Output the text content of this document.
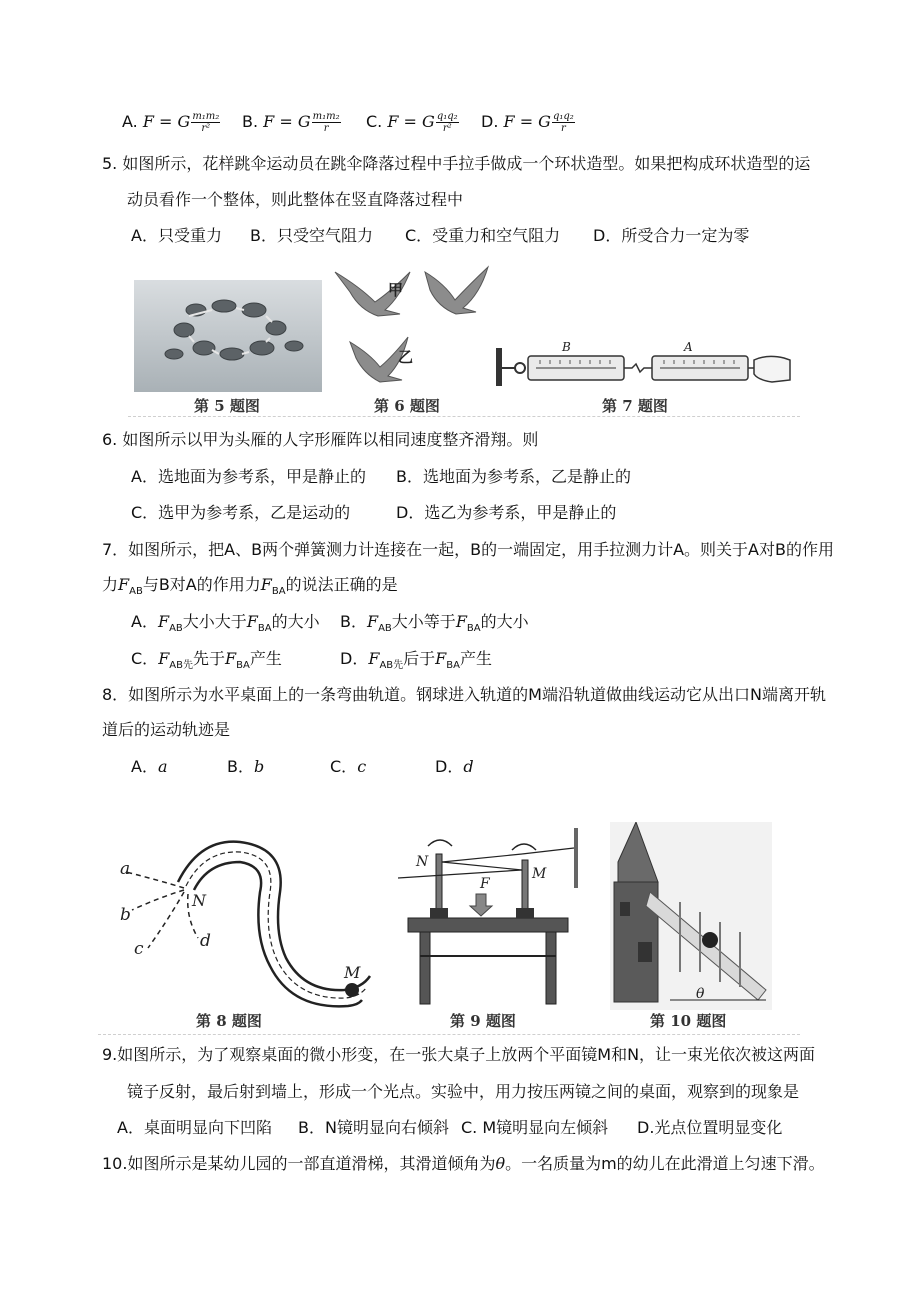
A. F = G $\frac{\text{m₁m₂}}{\text{r²}} B$. F = G $\frac{\text{m₁m₂}}{r} C$. F = G $\frac{\text{q₁q₂}}{\text{r²}} D$. F = G $\frac{\text{q₁q₂}}{r}$
5. 如图所示，花样跳伞运动员在跳伞降落过程中手拉手做成一个环状造型。如果把构成环状造型的运
动员看作一个整体，则此整体在竖直降落过程中
A．只受重力 B．只受空气阻力 C．受重力和空气阻力 D．所受合力一定为零
第 5 题图
甲
乙
第 6 题图
B	A
第 7 题图
6. 如图所示以甲为头雁的人字形雁阵以相同速度整齐滑翔。则
A．选地面为参考系，甲是静止的 B．选地面为参考系，乙是静止的
C．选甲为参考系，乙是运动的	D．选乙为参考系，甲是静止的
7．如图所示，把A、B两个弹簧测力计连接在一起，B的一端固定，用手拉测力计A。则关于A对B的作用
力$F_{AB}$与B对A的作用力$F_{BA}$的说法正确的是
A．$F_{AB}$大小大于$F_{BA}$的大小 B．$F_{AB}$大小等于$F_{BA}$的大小
C．$F_{AB先}$先于$F_{BA}$产生	D．$F_{AB先}$后于$F_{BA}$产生
8．如图所示为水平桌面上的一条弯曲轨道。钢球进入轨道的M端沿轨道做曲线运动它从出口N端离开轨
道后的运动轨迹是
A．a	B．b	C．c	D．d
a
b
c	d
N
M
第 8 题图
N
M
F
第 9 题图
θ
第 10 题图
9.如图所示，为了观察桌面的微小形变，在一张大桌子上放两个平面镜M和N，让一束光依次被这两面
镜子反射，最后射到墙上，形成一个光点。实验中，用力按压两镜之间的桌面，观察到的现象是
A．桌面明显向下凹陷 B．N镜明显向右倾斜 C. M镜明显向左倾斜 D.光点位置明显变化
10.如图所示是某幼儿园的一部直道滑梯，其滑道倾角为θ。一名质量为m的幼儿在此滑道上匀速下滑。
